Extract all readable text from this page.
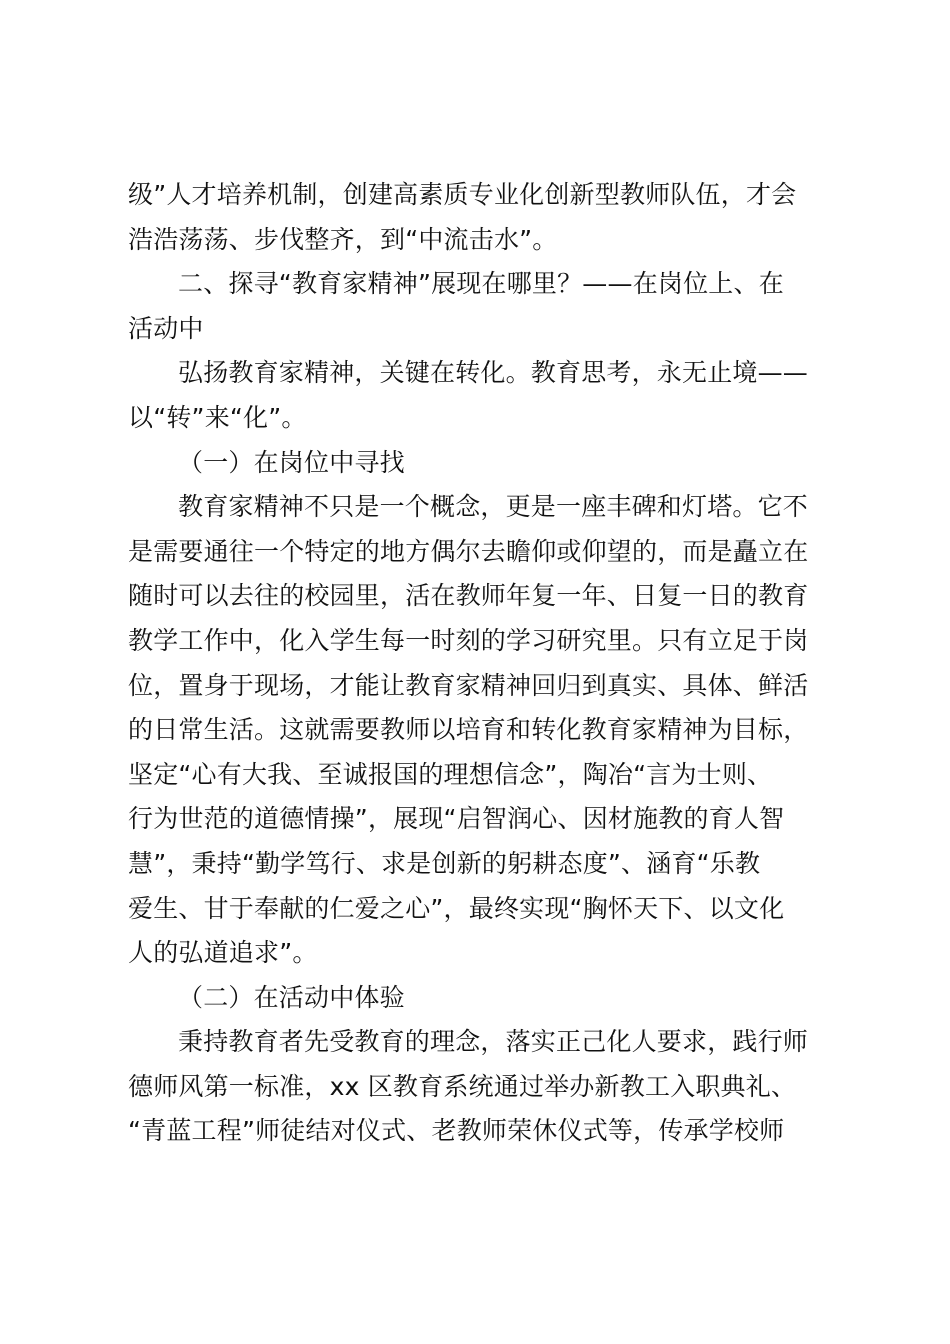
级”人才培养机制，创建高素质专业化创新型教师队伍，才会
浩浩荡荡、步伐整齐，到“中流击水”。
二、探寻“教育家精神”展现在哪里？——在岗位上、在
活动中
弘扬教育家精神，关键在转化。教育思考，永无止境——
以“转”来“化”。
（一）在岗位中寻找
教育家精神不只是一个概念，更是一座丰碑和灯塔。它不
是需要通往一个特定的地方偶尔去瞻仰或仰望的，而是矗立在
随时可以去往的校园里，活在教师年复一年、日复一日的教育
教学工作中，化入学生每一时刻的学习研究里。只有立足于岗
位，置身于现场，才能让教育家精神回归到真实、具体、鲜活
的日常生活。这就需要教师以培育和转化教育家精神为目标，
坚定“心有大我、至诚报国的理想信念”，陶冶“言为士则、
行为世范的道德情操”，展现“启智润心、因材施教的育人智
慧”，秉持“勤学笃行、求是创新的躬耕态度”、涵育“乐教
爱生、甘于奉献的仁爱之心”，最终实现“胸怀天下、以文化
人的弘道追求”。
（二）在活动中体验
秉持教育者先受教育的理念，落实正己化人要求，践行师
德师风第一标准，xx 区教育系统通过举办新教工入职典礼、
“青蓝工程”师徒结对仪式、老教师荣休仪式等，传承学校师
